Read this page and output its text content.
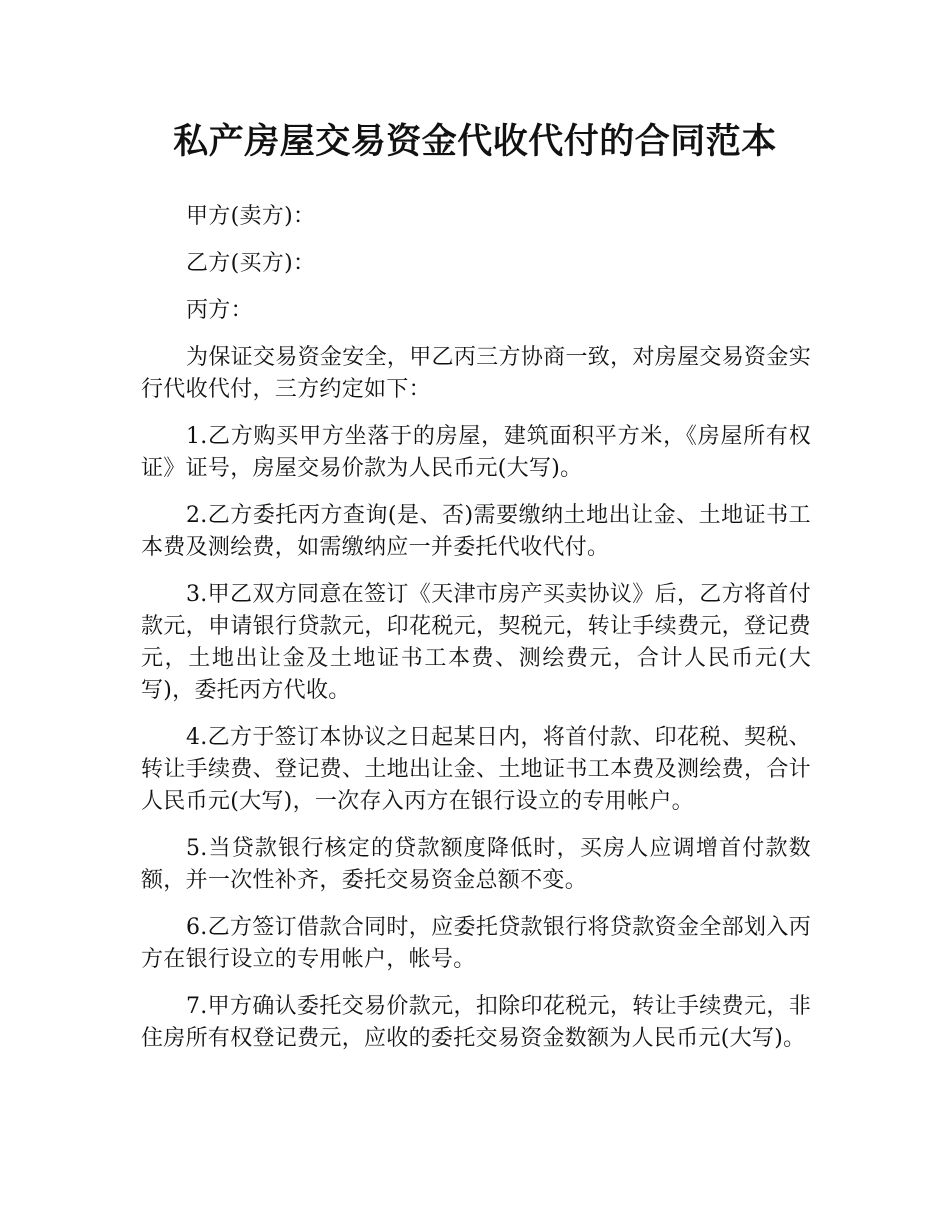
私产房屋交易资金代收代付的合同范本

甲方(卖方)：

乙方(买方)：

丙方：

为保证交易资金安全，甲乙丙三方协商一致，对房屋交易资金实行代收代付，三方约定如下：

1.乙方购买甲方坐落于的房屋，建筑面积平方米，《房屋所有权证》证号，房屋交易价款为人民币元(大写)。

2.乙方委托丙方查询(是、否)需要缴纳土地出让金、土地证书工本费及测绘费，如需缴纳应一并委托代收代付。

3.甲乙双方同意在签订《天津市房产买卖协议》后，乙方将首付款元，申请银行贷款元，印花税元，契税元，转让手续费元，登记费元，土地出让金及土地证书工本费、测绘费元，合计人民币元(大写)，委托丙方代收。

4.乙方于签订本协议之日起某日内，将首付款、印花税、契税、转让手续费、登记费、土地出让金、土地证书工本费及测绘费，合计人民币元(大写)，一次存入丙方在银行设立的专用帐户。

5.当贷款银行核定的贷款额度降低时，买房人应调增首付款数额，并一次性补齐，委托交易资金总额不变。

6.乙方签订借款合同时，应委托贷款银行将贷款资金全部划入丙方在银行设立的专用帐户，帐号。

7.甲方确认委托交易价款元，扣除印花税元，转让手续费元，非住房所有权登记费元，应收的委托交易资金数额为人民币元(大写)。
